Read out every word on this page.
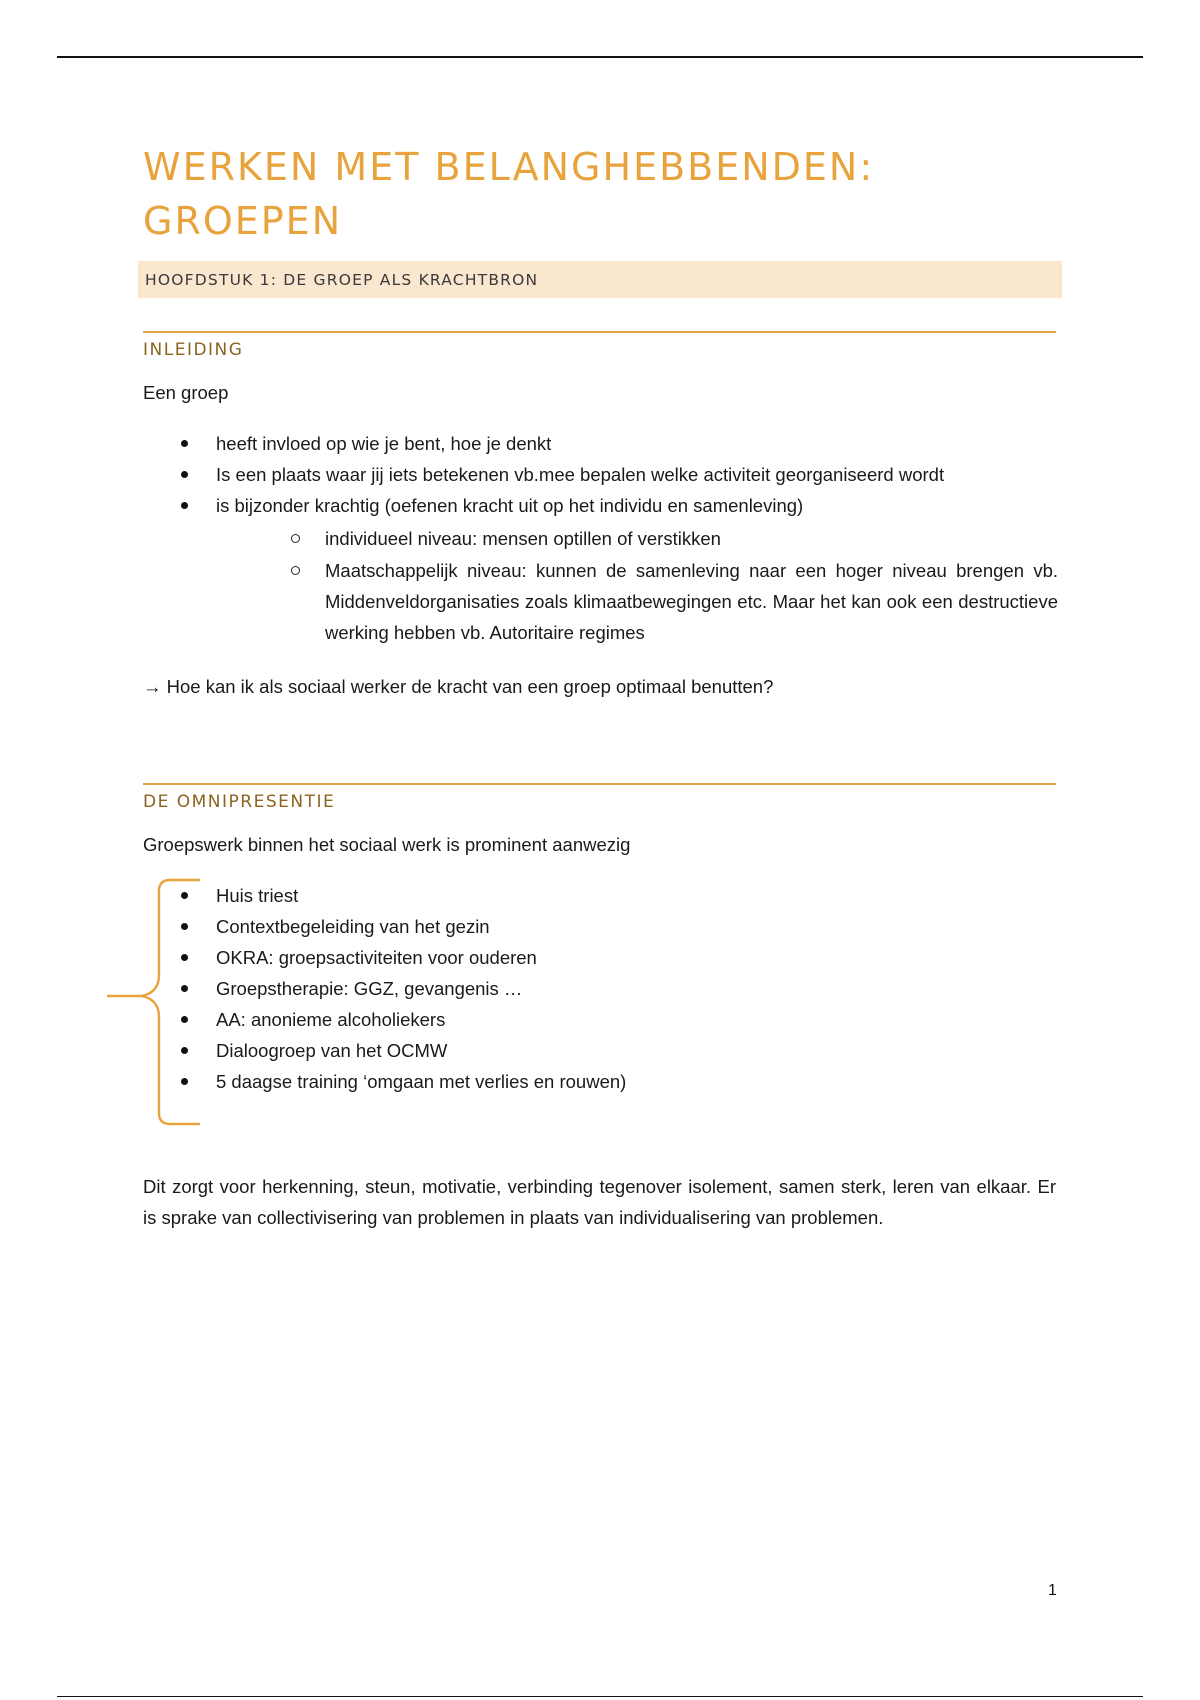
WERKEN MET BELANGHEBBENDEN:
GROEPEN
HOOFDSTUK 1: DE GROEP ALS KRACHTBRON
INLEIDING

Een groep

heeft invloed op wie je bent, hoe je denkt
Is een plaats waar jij iets betekenen vb.mee bepalen welke activiteit georganiseerd wordt
is bijzonder krachtig (oefenen kracht uit op het individu en samenleving)
individueel niveau: mensen optillen of verstikken
Maatschappelijk niveau: kunnen de samenleving naar een hoger niveau brengen vb. Middenveldorganisaties zoals klimaatbewegingen etc. Maar het kan ook een destructieve werking hebben vb. Autoritaire regimes

→ Hoe kan ik als sociaal werker de kracht van een groep optimaal benutten?

DE OMNIPRESENTIE

Groepswerk binnen het sociaal werk is prominent aanwezig

Huis triest
Contextbegeleiding van het gezin
OKRA: groepsactiviteiten voor ouderen
Groepstherapie: GGZ, gevangenis …
AA: anonieme alcoholiekers
Dialoogroep van het OCMW
5 daagse training ‘omgaan met verlies en rouwen)

Dit zorgt voor herkenning, steun, motivatie, verbinding tegenover isolement, samen sterk, leren van elkaar. Er is sprake van collectivisering van problemen in plaats van individualisering van problemen.

1
